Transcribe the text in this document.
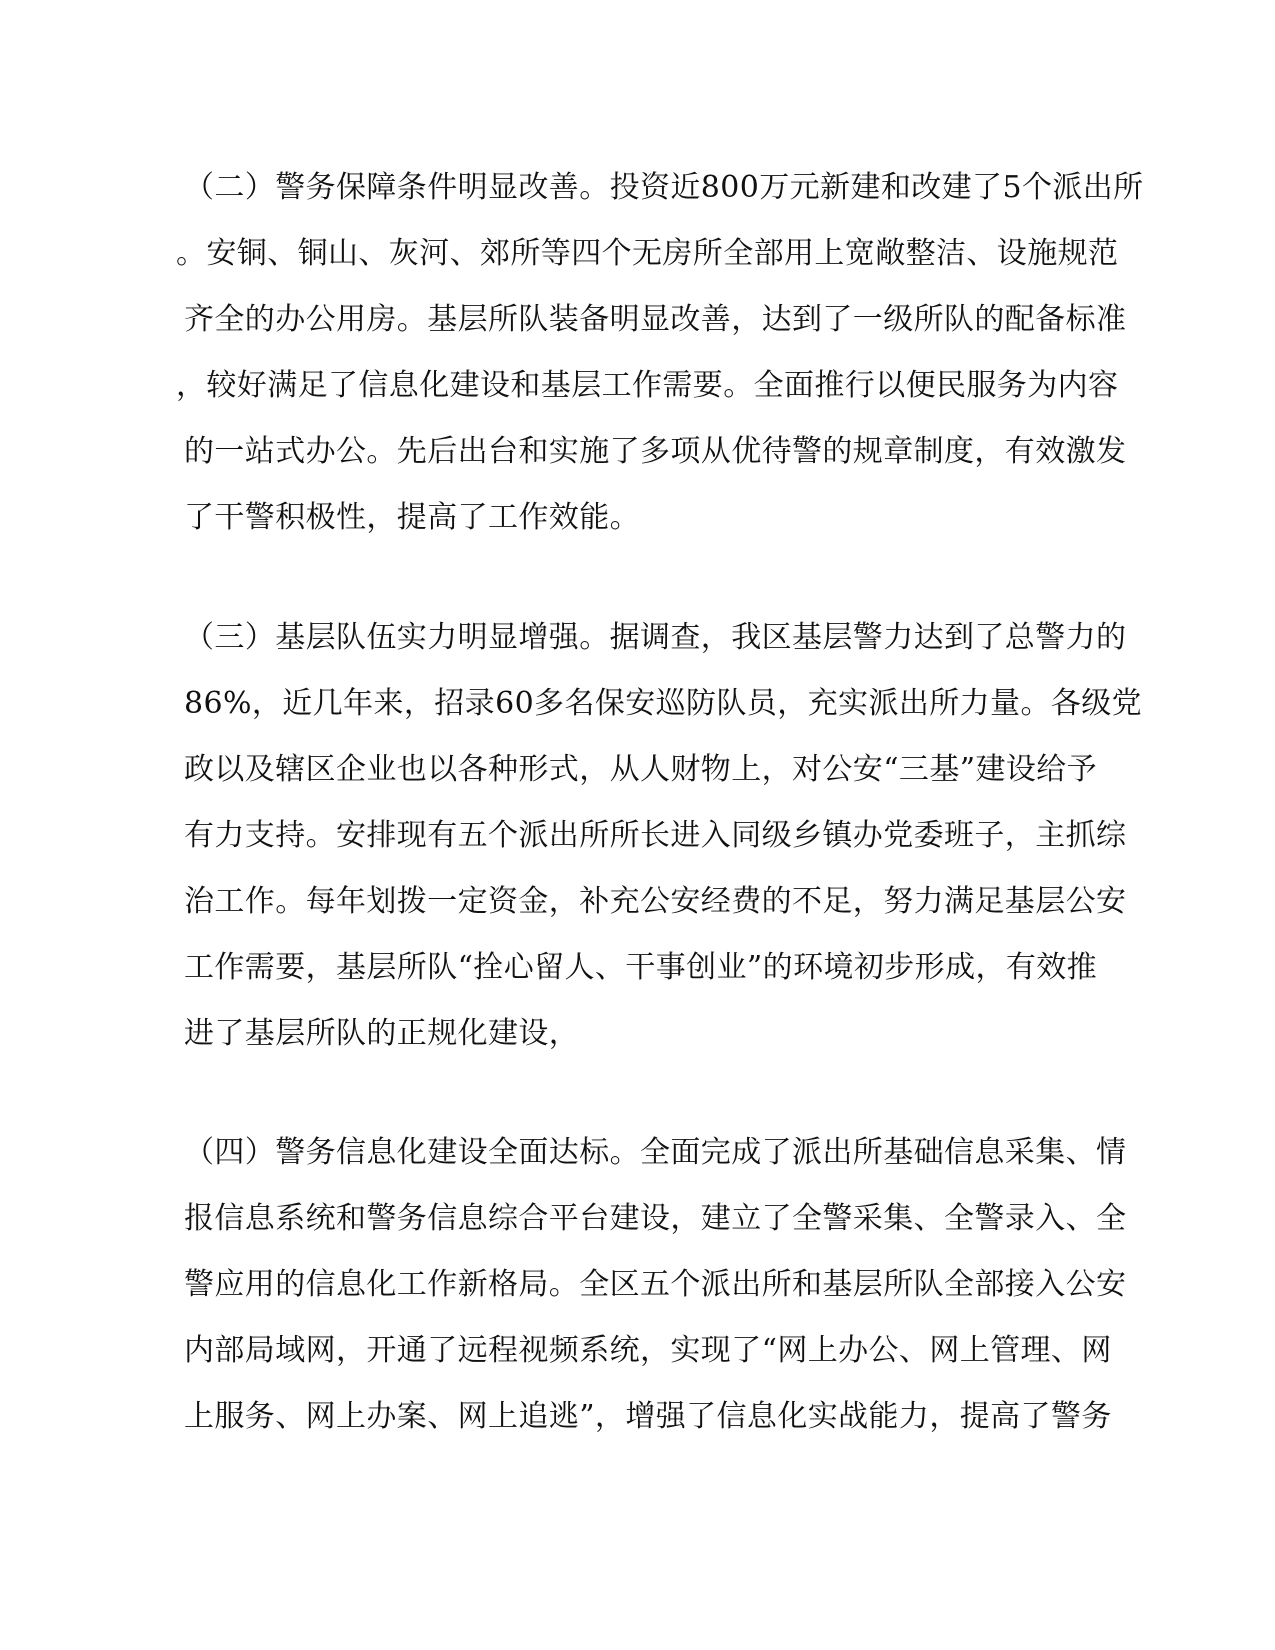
（二）警务保障条件明显改善。投资近800万元新建和改建了5个派出所
。安铜、铜山、灰河、郊所等四个无房所全部用上宽敞整洁、设施规范
齐全的办公用房。基层所队装备明显改善，达到了一级所队的配备标准
，较好满足了信息化建设和基层工作需要。全面推行以便民服务为内容
的一站式办公。先后出台和实施了多项从优待警的规章制度，有效激发
了干警积极性，提高了工作效能。
（三）基层队伍实力明显增强。据调查，我区基层警力达到了总警力的
86%，近几年来，招录60多名保安巡防队员，充实派出所力量。各级党
政以及辖区企业也以各种形式，从人财物上，对公安“三基”建设给予
有力支持。安排现有五个派出所所长进入同级乡镇办党委班子，主抓综
治工作。每年划拨一定资金，补充公安经费的不足，努力满足基层公安
工作需要，基层所队“拴心留人、干事创业”的环境初步形成，有效推
进了基层所队的正规化建设，
（四）警务信息化建设全面达标。全面完成了派出所基础信息采集、情
报信息系统和警务信息综合平台建设，建立了全警采集、全警录入、全
警应用的信息化工作新格局。全区五个派出所和基层所队全部接入公安
内部局域网，开通了远程视频系统，实现了“网上办公、网上管理、网
上服务、网上办案、网上追逃”，增强了信息化实战能力，提高了警务
